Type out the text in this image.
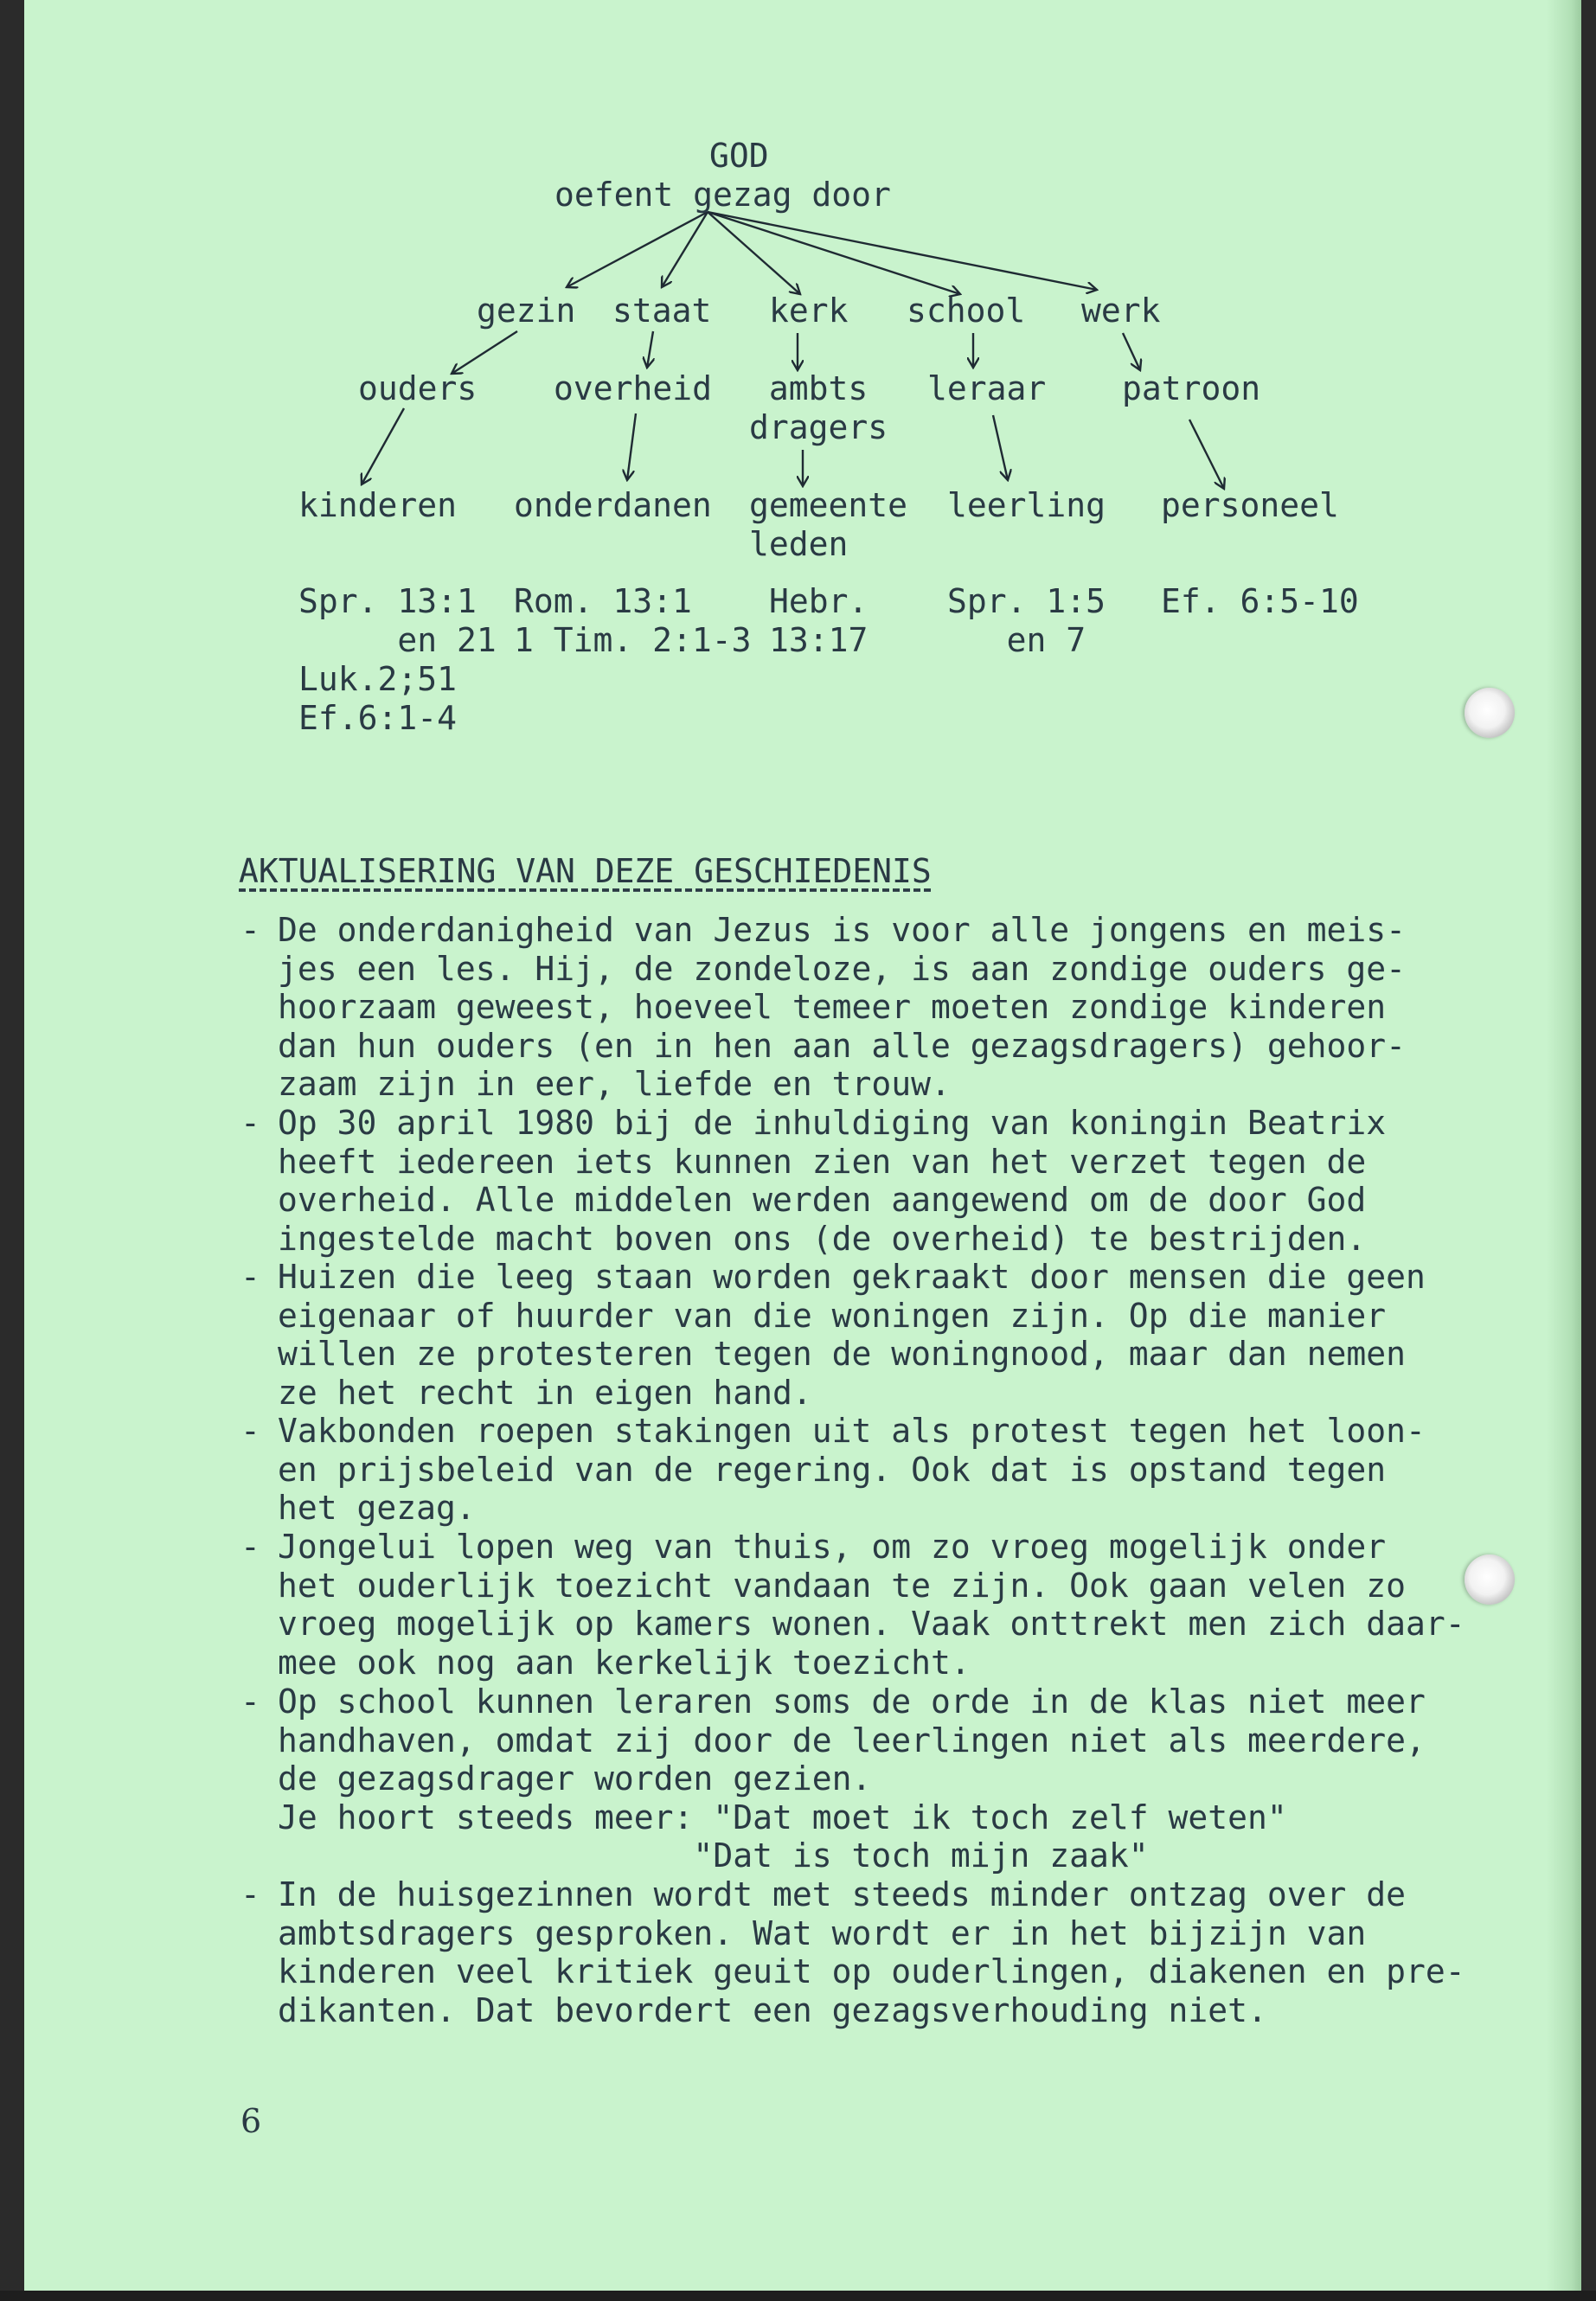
GOD
oefent gezag door
gezin staat kerk school werk
ouders overheid	ambts
dragers
leraar patroon
kinderen onderdanen gemeente
leden
leerling personeel
Spr. 13:1
en 21
Luk.2;51
Ef.6:1-4
Rom. 13:1
1 Tim. 2:1-3
Hebr.
13:17
Spr. 1:5
en 7
Ef. 6:5-10
AKTUALISERING VAN DEZE GESCHIEDENIS
- De onderdanigheid van Jezus is voor alle jongens en meis-
jes een les. Hij, de zondeloze, is aan zondige ouders ge-
hoorzaam geweest, hoeveel temeer moeten zondige kinderen
dan hun ouders (en in hen aan alle gezagsdragers) gehoor-
zaam zijn in eer, liefde en trouw.
- Op 30 april 1980 bij de inhuldiging van koningin Beatrix
heeft iedereen iets kunnen zien van het verzet tegen de
overheid. Alle middelen werden aangewend om de door God
ingestelde macht boven ons (de overheid) te bestrijden.
- Huizen die leeg staan worden gekraakt door mensen die geen
eigenaar of huurder van die woningen zijn. Op die manier
willen ze protesteren tegen de woningnood, maar dan nemen
ze het recht in eigen hand.
- Vakbonden roepen stakingen uit als protest tegen het loon-
en prijsbeleid van de regering. Ook dat is opstand tegen
het gezag.
- Jongelui lopen weg van thuis, om zo vroeg mogelijk onder
het ouderlijk toezicht vandaan te zijn. Ook gaan velen zo
vroeg mogelijk op kamers wonen. Vaak onttrekt men zich daar-
mee ook nog aan kerkelijk toezicht.
- Op school kunnen leraren soms de orde in de klas niet meer
handhaven, omdat zij door de leerlingen niet als meerdere,
de gezagsdrager worden gezien.
Je hoort steeds meer: "Dat moet ik toch zelf weten"
"Dat is toch mijn zaak"
- In de huisgezinnen wordt met steeds minder ontzag over de
ambtsdragers gesproken. Wat wordt er in het bijzijn van
kinderen veel kritiek geuit op ouderlingen, diakenen en pre-
dikanten. Dat bevordert een gezagsverhouding niet.
6
